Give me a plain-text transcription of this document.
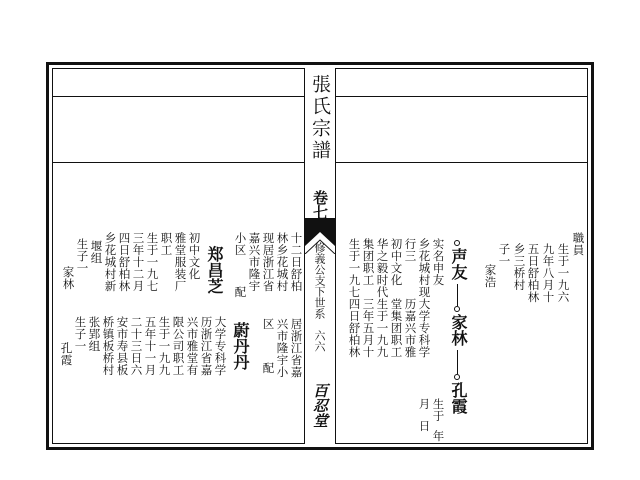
張氏宗譜
卷七
修義公支下世系
六六
百忍堂
職員
生于一九六
九年八月十
五日舒柏林
乡三桥村
子一
家浩
声友
家林
孔霞
生于
年
月
日
实名申友
大学专科学
历嘉兴市雅
堂集团职工
生于一九九
三年五月十
四日舒柏林
乡花城村现
行三
初中文化
华之毅时代
集团职工
生于一九七
十二日舒柏
林乡花城村
嘉兴市隆宇 现居浙江省
小区
配
郑昌芝
初中文化
雅堂服装厂
职工
生于一九七
三年十二月
四日舒柏林
乡花城村新
堰组
生子一
家林
居浙江省嘉
兴市隆宇小
区
配
蔚丹丹
大学专科学
历浙江省嘉
兴市雅堂有
限公司职工
生于一九九
五年十一月
二十三日六
安市寿县板
桥镇板桥村
张郢组
生子一
孔霞
